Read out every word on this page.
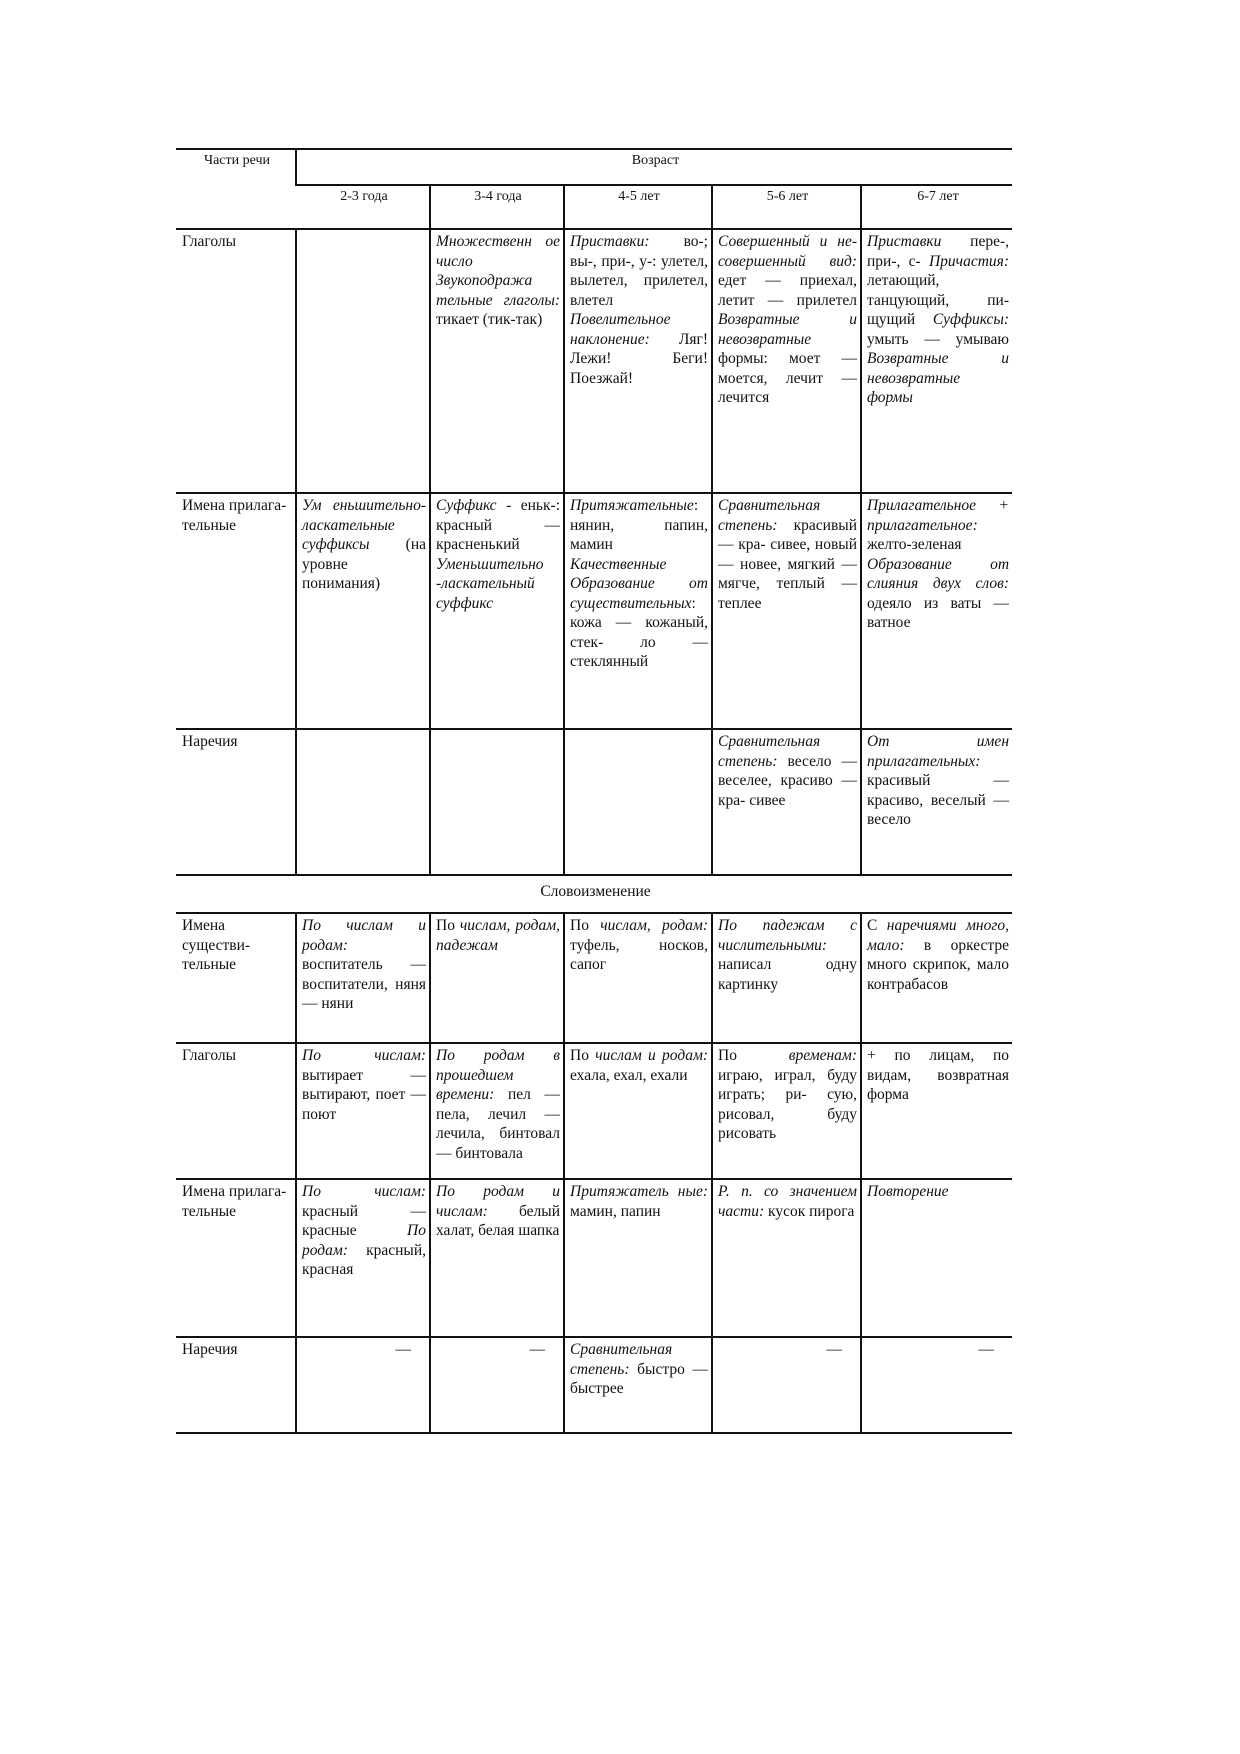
Части речи	Возраст				
	2-3 года	3-4 года	4-5 лет	5-6 лет	6-7 лет
Глаголы		Множественн ое число Звукоподража тельные глаголы: тикает (тик-так)	Приставки: во-; вы-, при-, у-: улетел, вылетел, прилетел, влетел Повелительное наклонение: Ляг! Лежи! Беги! Поезжай!	Совершенный и не- совершенный вид: едет — приехал, летит — прилетел Возвратные и невозвратные формы: моет — моется, лечит — лечится	Приставки пере-, при-, с- Причастия: летающий, танцующий, пи- щущий Суффиксы: умыть — умываю Возвратные и невозвратные формы
Имена прилага- тельные	Ум еньшительно- ласкательные суффиксы (на уровне понимания)	Суффикс - еньк-: красный — красненький Уменьшительно -ласкательный суффикс	Притяжательные: нянин, папин, мамин Качественные Образование от существительных: кожа — кожаный, стек- ло — стеклянный	Сравнительная степень: красивый — кра- сивее, новый — новее, мягкий — мягче, теплый — теплее	Прилагательное + прилагательное: желто-зеленая Образование от слияния двух слов: одеяло из ваты — ватное
Наречия				Сравнительная степень: весело — веселее, красиво — кра- сивее	От имен прилагательных: красивый — красиво, веселый — весело
Словоизменение					
Имена существи- тельные	По числам и родам: воспитатель — воспитатели, няня — няни	По числам, родам, падежам	По числам, родам: туфель, носков, сапог	По падежам с числительными: написал одну картинку	С наречиями много, мало: в оркестре много скрипок, мало контрабасов
Глаголы	По числам: вытирает — вытирают, поет — поют	По родам в прошедшем времени: пел — пела, лечил — лечила, бинтовал — бинтовала	По числам и родам: ехала, ехал, ехали	По временам: играю, играл, буду играть; ри- сую, рисовал, буду рисовать	+ по лицам, по видам, возвратная форма
Имена прилага- тельные	По числам: красный — красные По родам: красный, красная	По родам и числам: белый халат, белая шапка	Притяжатель ные: мамин, папин	Р. п. со значением части: кусок пирога	Повторение
Наречия	—	—	Сравнительная степень: быстро — быстрее	—	—
